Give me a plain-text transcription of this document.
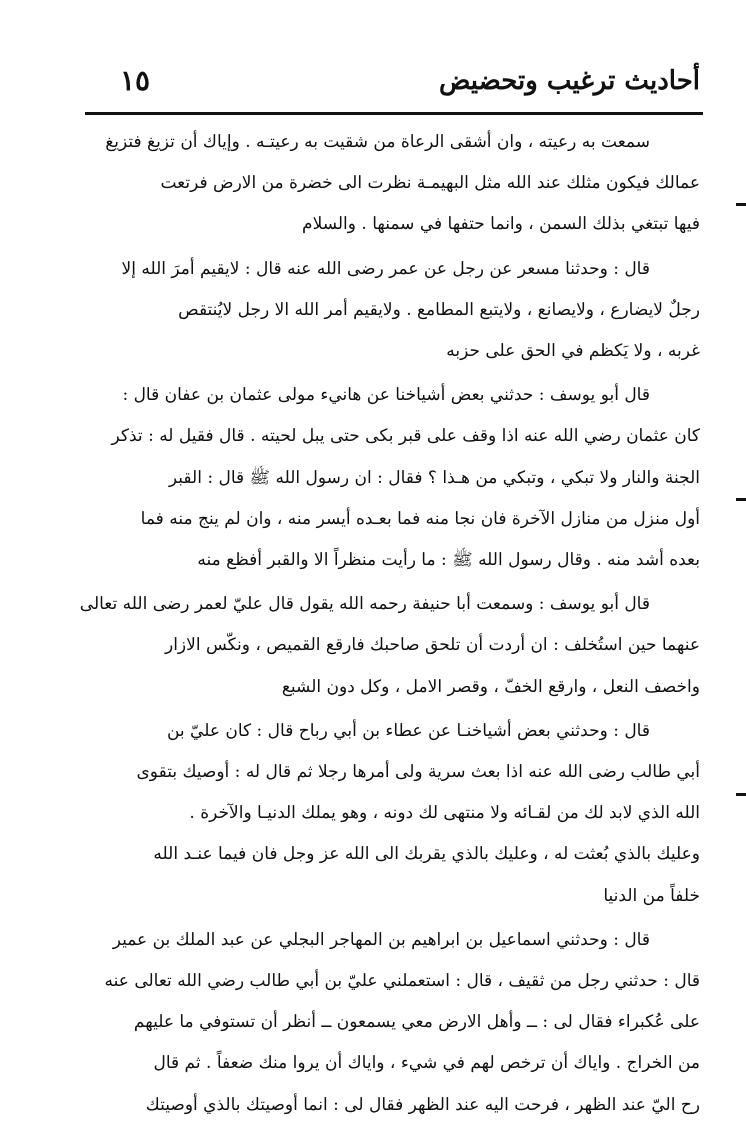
أحاديث ترغيب وتحضيض
١٥
سمعت به رعيته ، وان أشقى الرعاة من شقيت به رعيتـه . وإياك أن تزيغ فتزيغ
عمالك فيكون مثلك عند الله مثل البهيمـة نظرت الى خضرة من الارض فرتعت
فيها تبتغي بذلك السمن ، وانما حتفها في سمنها . والسلام
قال : وحدثنا مسعر عن رجل عن عمر رضى الله عنه قال : لايقيم أمرَ الله إلا
رجلٌ لايضارع ، ولايصانع ، ولايتبع المطامع . ولايقيم أمر الله الا رجل لايُنتقص
غربه ، ولا يَكظم في الحق على حزبه
قال أبو يوسف : حدثني بعض أشياخنا عن هانيء مولى عثمان بن عفان قال :
كان عثمان رضي الله عنه اذا وقف على قبر بكى حتى يبل لحيته . قال فقيل له : تذكر
الجنة والنار ولا تبكي ، وتبكي من هـذا ؟ فقال : ان رسول الله ﷺ قال : القبر
أول منزل من منازل الآخرة فان نجا منه فما بعـده أيسر منه ، وان لم ينج منه فما
بعده أشد منه . وقال رسول الله ﷺ : ما رأيت منظراً الا والقبر أفظع منه
قال أبو يوسف : وسمعت أبا حنيفة رحمه الله يقول قال عليّ لعمر رضى الله تعالى
عنهما حين استُخلف : ان أردت أن تلحق صاحبك فارقع القميص ، ونكّس الازار
واخصف النعل ، وارقع الخفّ ، وقصر الامل ، وكل دون الشبع
قال : وحدثني بعض أشياخنـا عن عطاء بن أبي رباح قال : كان عليّ بن
أبي طالب رضى الله عنه اذا بعث سرية ولى أمرها رجلا ثم قال له : أوصيك بتقوى
الله الذي لابد لك من لقـائه ولا منتهى لك دونه ، وهو يملك الدنيـا والآخرة .
وعليك بالذي بُعثت له ، وعليك بالذي يقربك الى الله عز وجل فان فيما عنـد الله
خلفاً من الدنيا
قال : وحدثني اسماعيل بن ابراهيم بن المهاجر البجلي عن عبد الملك بن عمير
قال : حدثني رجل من ثقيف ، قال : استعملني عليّ بن أبي طالب رضي الله تعالى عنه
على عُكبراء فقال لى : ــ وأهل الارض معي يسمعون ــ أنظر أن تستوفي ما عليهم
من الخراج . واياك أن ترخص لهم في شيء ، واياك أن يروا منك ضعفاً . ثم قال
رح اليّ عند الظهر ، فرحت اليه عند الظهر فقال لى : انما أوصيتك بالذي أوصيتك
